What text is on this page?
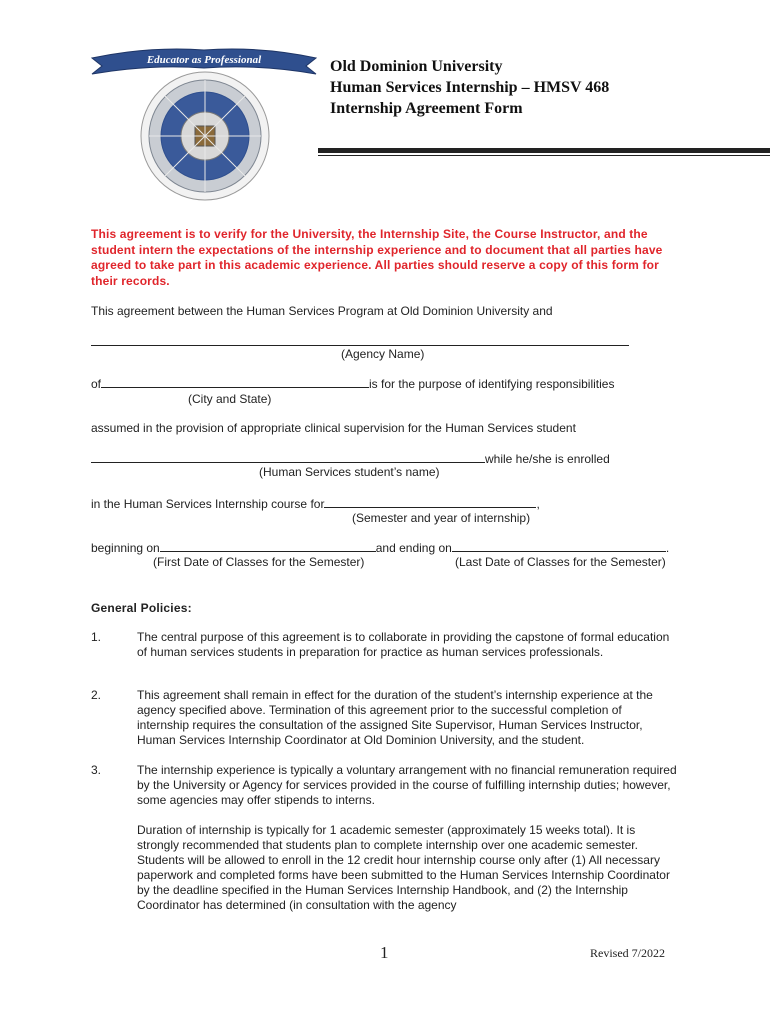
Educator as Professional	Old Dominion University
Human Services Internship – HMSV 468
Internship Agreement Form
This agreement is to verify for the University, the Internship Site, the Course Instructor, and the student intern the expectations of the internship experience and to document that all parties have agreed to take part in this academic experience. All parties should reserve a copy of this form for their records.
This agreement between the Human Services Program at Old Dominion University and
(Agency Name)
of	is for the purpose of identifying responsibilities
(City and State)
assumed in the provision of appropriate clinical supervision for the Human Services student
while he/she is enrolled
(Human Services student’s name)
in the Human Services Internship course for	,
(Semester and year of internship)
beginning on	and ending on	.
(First Date of Classes for the Semester)	(Last Date of Classes for the Semester)
General Policies:
1.	The central purpose of this agreement is to collaborate in providing the capstone of formal education of human services students in preparation for practice as human services professionals.
2.	This agreement shall remain in effect for the duration of the student’s internship experience at the agency specified above. Termination of this agreement prior to the successful completion of internship requires the consultation of the assigned Site Supervisor, Human Services Instructor, Human Services Internship Coordinator at Old Dominion University, and the student.
3.	The internship experience is typically a voluntary arrangement with no financial remuneration required by the University or Agency for services provided in the course of fulfilling internship duties; however, some agencies may offer stipends to interns.
Duration of internship is typically for 1 academic semester (approximately 15 weeks total). It is strongly recommended that students plan to complete internship over one academic semester. Students will be allowed to enroll in the 12 credit hour internship course only after (1) All necessary paperwork and completed forms have been submitted to the Human Services Internship Coordinator by the deadline specified in the Human Services Internship Handbook, and (2) the Internship Coordinator has determined (in consultation with the agency
1	Revised 7/2022
